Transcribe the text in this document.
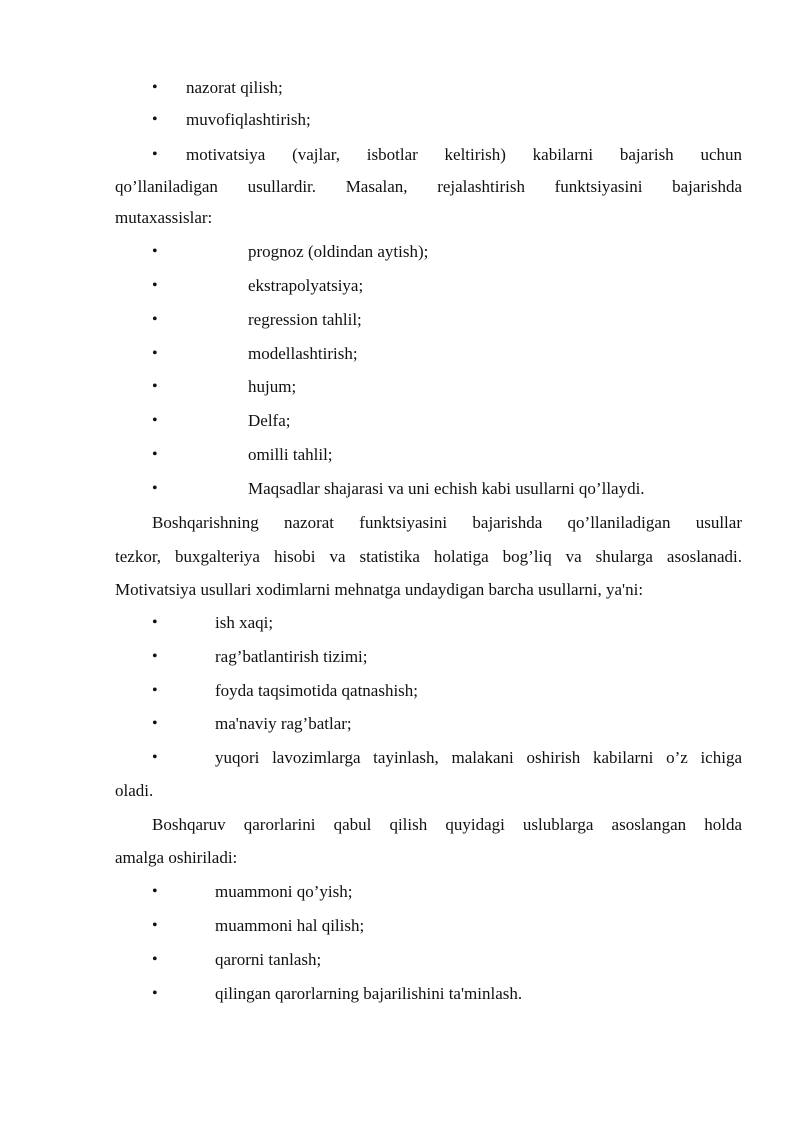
• nazorat qilish;
• muvofiqlashtirish;
• motivatsiya (vajlar, isbotlar keltirish) kabilarni bajarish uchun
qo’llaniladigan usullardir. Masalan, rejalashtirish funktsiyasini bajarishda
mutaxassislar:
•	prognoz (oldindan aytish);
•	ekstrapolyatsiya;
•	regression tahlil;
•	modellashtirish;
•	hujum;
•	Delfa;
•	omilli tahlil;
•	Maqsadlar shajarasi va uni echish kabi usullarni qo’llaydi.
Boshqarishning nazorat funktsiyasini bajarishda qo’llaniladigan usullar
tezkor, buxgalteriya hisobi va statistika holatiga bog’liq va shularga asoslanadi.
Motivatsiya usullari xodimlarni mehnatga undaydigan barcha usullarni, ya'ni:
•	ish xaqi;
•	rag’batlantirish tizimi;
•	foyda taqsimotida qatnashish;
•	ma'naviy rag’batlar;
•	yuqori lavozimlarga tayinlash, malakani oshirish kabilarni o’z ichiga
oladi.
Boshqaruv qarorlarini qabul qilish quyidagi uslublarga asoslangan holda
amalga oshiriladi:
•	muammoni qo’yish;
•	muammoni hal qilish;
•	qarorni tanlash;
•	qilingan qarorlarning bajarilishini ta'minlash.
